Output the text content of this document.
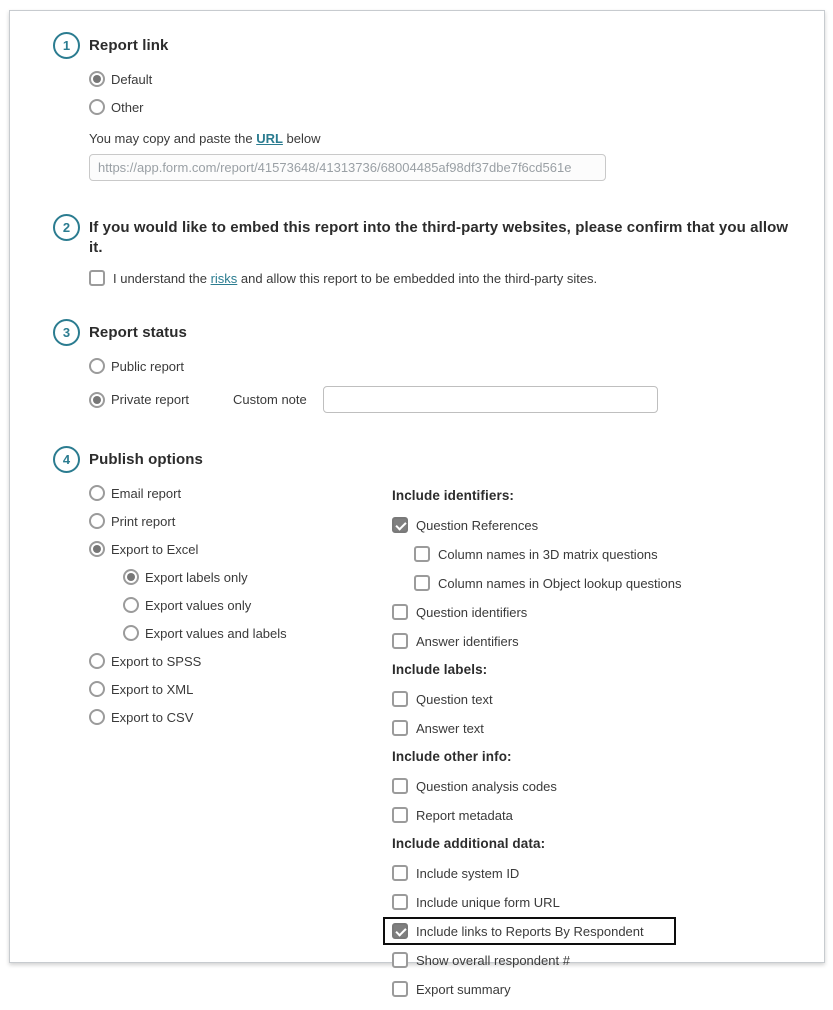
1	Report link
Default
Other
You may copy and paste the URL below
https://app.form.com/report/41573648/41313736/68004485af98df37dbe7f6cd561e
2	If you would like to embed this report into the third-party websites, please confirm that you allow it.
I understand the risks and allow this report to be embedded into the third-party sites.
3	Report status
Public report
Private report	Custom note
4	Publish options
Email report
Print report
Export to Excel
Export labels only
Export values only
Export values and labels
Export to SPSS
Export to XML
Export to CSV
Include identifiers:
Question References
Column names in 3D matrix questions
Column names in Object lookup questions
Question identifiers
Answer identifiers
Include labels:
Question text
Answer text
Include other info:
Question analysis codes
Report metadata
Include additional data:
Include system ID
Include unique form URL
Include links to Reports By Respondent
Show overall respondent #
Export summary
